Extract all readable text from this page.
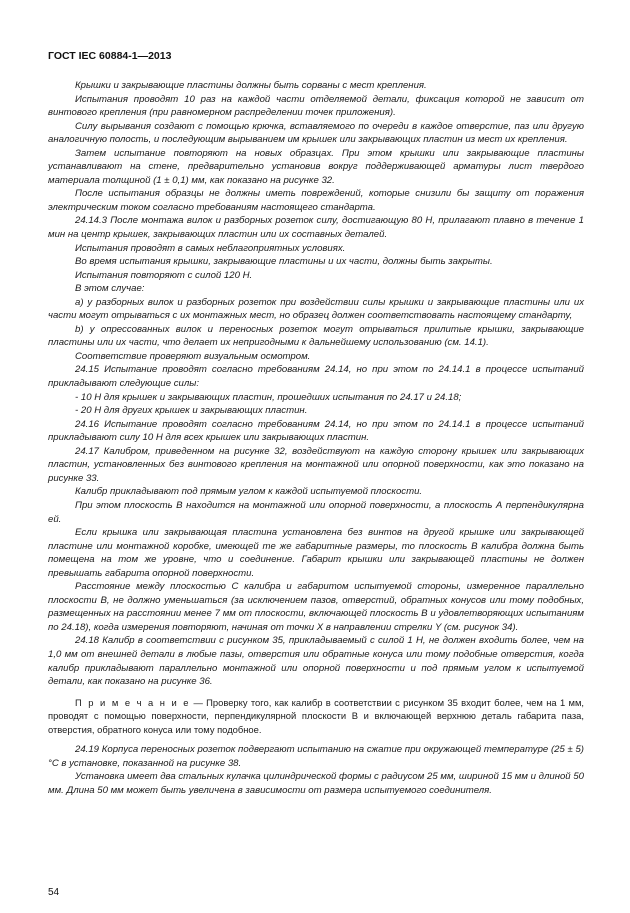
ГОСТ IEC 60884-1—2013

Крышки и закрывающие пластины должны быть сорваны с мест крепления.

Испытания проводят 10 раз на каждой части отделяемой детали, фиксация которой не зависит от винтового крепления (при равномерном распределении точек приложения).

Силу вырывания создают с помощью крючка, вставляемого по очереди в каждое отверстие, паз или другую аналогичную полость, и последующим вырыванием им крышек или закрывающих пластин из мест их крепления.

Затем испытание повторяют на новых образцах. При этом крышки или закрывающие пластины устанавливают на стене, предварительно установив вокруг поддерживающей арматуры лист твердого материала толщиной (1 ± 0,1) мм, как показано на рисунке 32.

После испытания образцы не должны иметь повреждений, которые снизили бы защиту от поражения электрическим током согласно требованиям настоящего стандарта.

24.14.3 После монтажа вилок и разборных розеток силу, достигающую 80 Н, прилагают плавно в течение 1 мин на центр крышек, закрывающих пластин или их составных деталей.

Испытания проводят в самых неблагоприятных условиях.

Во время испытания крышки, закрывающие пластины и их части, должны быть закрыты.

Испытания повторяют с силой 120 Н.

В этом случае:

а) у разборных вилок и разборных розеток при воздействии силы крышки и закрывающие пластины или их части могут отрываться с их монтажных мест, но образец должен соответствовать настоящему стандарту,

b) у опрессованных вилок и переносных розеток могут отрываться прилитые крышки, закрывающие пластины или их части, что делает их непригодными к дальнейшему использованию (см. 14.1).

Соответствие проверяют визуальным осмотром.

24.15 Испытание проводят согласно требованиям 24.14, но при этом по 24.14.1 в процессе испытаний прикладывают следующие силы:

- 10 Н для крышек и закрывающих пластин, прошедших испытания по 24.17 и 24.18;

- 20 Н для других крышек и закрывающих пластин.

24.16 Испытание проводят согласно требованиям 24.14, но при этом по 24.14.1 в процессе испытаний прикладывают силу 10 Н для всех крышек или закрывающих пластин.

24.17 Калибром, приведенном на рисунке 32, воздействуют на каждую сторону крышек или закрывающих пластин, установленных без винтового крепления на монтажной или опорной поверхности, как это показано на рисунке 33.

Калибр прикладывают под прямым углом к каждой испытуемой плоскости.

При этом плоскость В находится на монтажной или опорной поверхности, а плоскость А перпендикулярна ей.

Если крышка или закрывающая пластина установлена без винтов на другой крышке или закрывающей пластине или монтажной коробке, имеющей те же габаритные размеры, то плоскость В калибра должна быть помещена на том же уровне, что и соединение. Габарит крышки или закрывающей пластины не должен превышать габарита опорной поверхности.

Расстояние между плоскостью С калибра и габаритом испытуемой стороны, измеренное параллельно плоскости В, не должно уменьшаться (за исключением пазов, отверстий, обратных конусов или тому подобных, размещенных на расстоянии менее 7 мм от плоскости, включающей плоскость В и удовлетворяющих испытаниям по 24.18), когда измерения повторяют, начиная от точки Х в направлении стрелки Y (см. рисунок 34).

24.18 Калибр в соответствии с рисунком 35, прикладываемый с силой 1 Н, не должен входить более, чем на 1,0 мм от внешней детали в любые пазы, отверстия или обратные конуса или тому подобные отверстия, когда калибр прикладывают параллельно монтажной или опорной поверхности и под прямым углом к испытуемой детали, как показано на рисунке 36.

П р и м е ч а н и е — Проверку того, как калибр в соответствии с рисунком 35 входит более, чем на 1 мм, проводят с помощью поверхности, перпендикулярной плоскости В и включающей верхнюю деталь габарита паза, отверстия, обратного конуса или тому подобное.

24.19 Корпуса переносных розеток подвергают испытанию на сжатие при окружающей температуре (25 ± 5)°С в установке, показанной на рисунке 38.

Установка имеет два стальных кулачка цилиндрической формы с радиусом 25 мм, шириной 15 мм и длиной 50 мм. Длина 50 мм может быть увеличена в зависимости от размера испытуемого соединителя.

54
